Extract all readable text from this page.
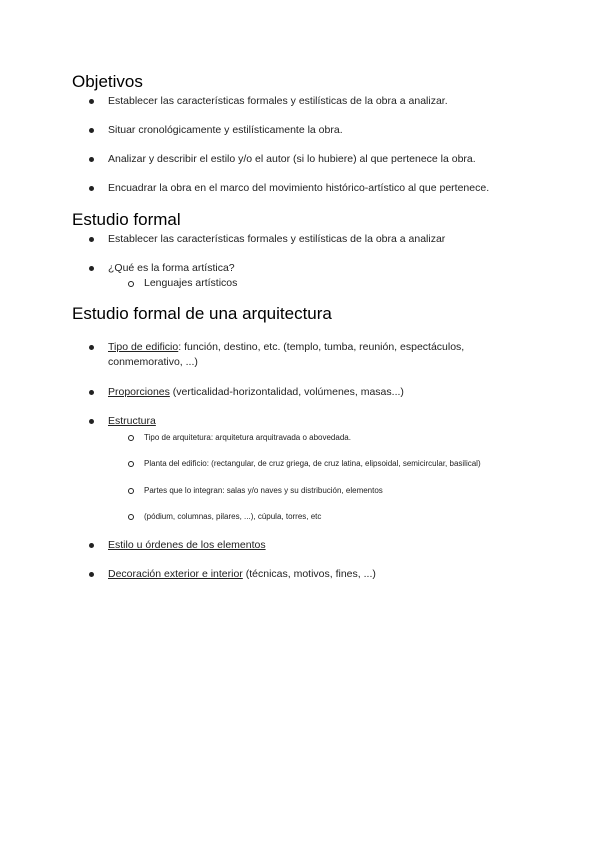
Objetivos
Establecer las características formales y estilísticas de la obra a analizar.
Situar cronológicamente y estilísticamente la obra.
Analizar y describir el estilo y/o el autor (si lo hubiere) al que pertenece la obra.
Encuadrar la obra en el marco del movimiento histórico-artístico al que pertenece.
Estudio formal
Establecer las características formales y estilísticas de la obra a analizar
¿Qué es la forma artística?
Lenguajes artísticos
Estudio formal de una arquitectura
Tipo de edificio: función, destino, etc. (templo, tumba, reunión, espectáculos, conmemorativo, ...)
Proporciones (verticalidad-horizontalidad, volúmenes, masas...)
Estructura
Tipo de arquitetura: arquitetura arquitravada o abovedada.
Planta del edificio: (rectangular, de cruz griega, de cruz latina, elipsoidal, semicircular, basilical)
Partes que lo integran: salas y/o naves y su distribución, elementos
(pódium, columnas, pilares, ...), cúpula, torres, etc
Estilo u órdenes de los elementos
Decoración exterior e interior (técnicas, motivos, fines, ...)
